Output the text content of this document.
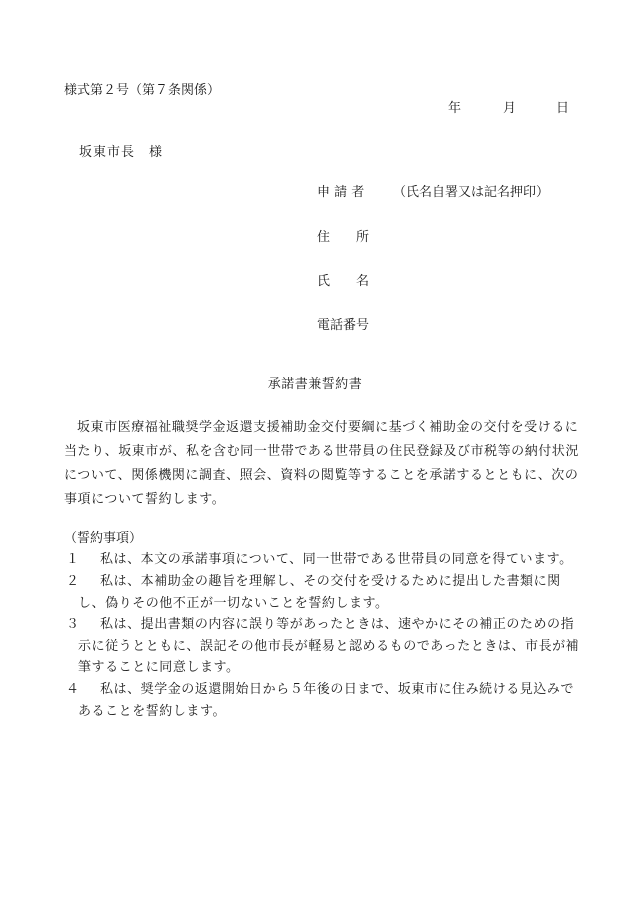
様式第２号（第７条関係）
年	月	日
坂東市長　様
申 請 者 （氏名自署又は記名押印）
住　　所
氏　　名
電話番号
承諾書兼誓約書
坂東市医療福祉職奨学金返還支援補助金交付要綱に基づく補助金の交付を受けるに当たり、坂東市が、私を含む同一世帯である世帯員の住民登録及び市税等の納付状況について、関係機関に調査、照会、資料の閲覧等することを承諾するとともに、次の事項について誓約します。
（誓約事項）
１	私は、本文の承諾事項について、同一世帯である世帯員の同意を得ています。
２	私は、本補助金の趣旨を理解し、その交付を受けるために提出した書類に関し、偽りその他不正が一切ないことを誓約します。
３	私は、提出書類の内容に誤り等があったときは、速やかにその補正のための指示に従うとともに、誤記その他市長が軽易と認めるものであったときは、市長が補筆することに同意します。
４	私は、奨学金の返還開始日から５年後の日まで、坂東市に住み続ける見込みであることを誓約します。
